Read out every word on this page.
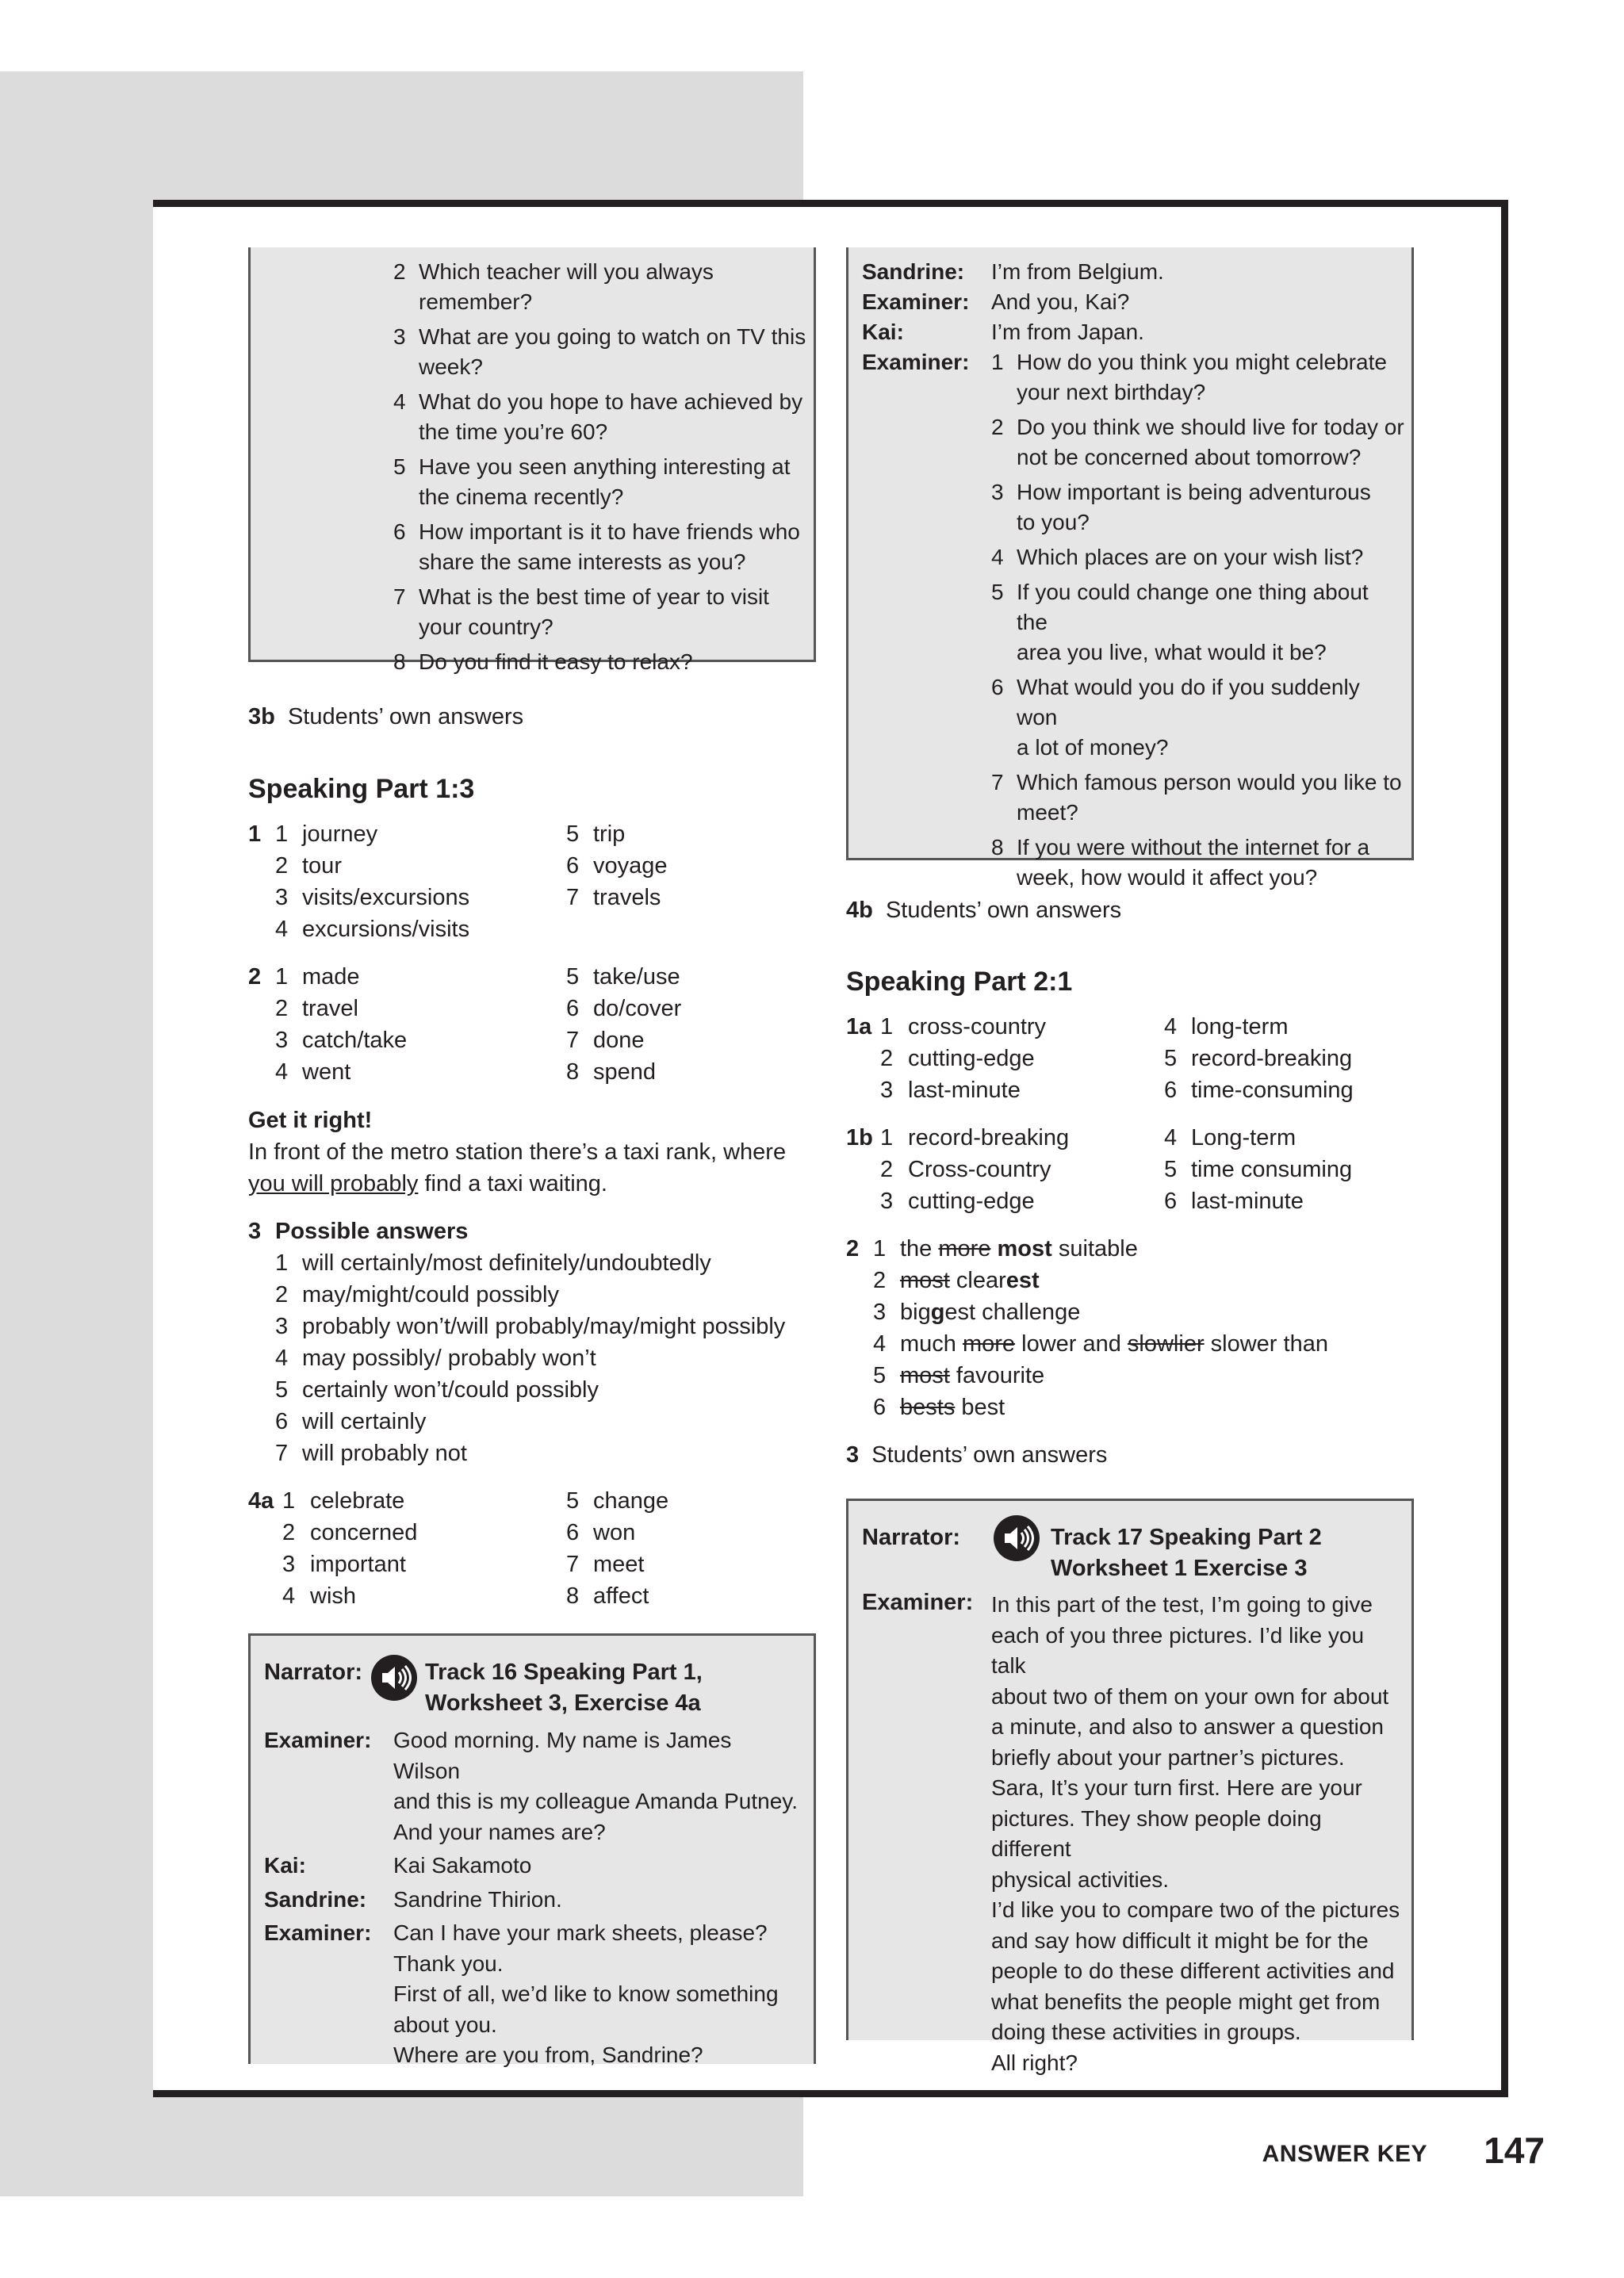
2 Which teacher will you always remember?
3 What are you going to watch on TV this week?
4 What do you hope to have achieved by the time you’re 60?
5 Have you seen anything interesting at the cinema recently?
6 How important is it to have friends who share the same interests as you?
7 What is the best time of year to visit your country?
8 Do you find it easy to relax?
3b Students’ own answers
Speaking Part 1:3
1 1 journey	5 trip
2 tour	6 voyage
3 visits/excursions	7 travels
4 excursions/visits
2 1 made	5 take/use
2 travel	6 do/cover
3 catch/take	7 done
4 went	8 spend
Get it right!
In front of the metro station there’s a taxi rank, where
you will probably find a taxi waiting.
3 Possible answers
1 will certainly/most definitely/undoubtedly
2 may/might/could possibly
3 probably won’t/will probably/may/might possibly
4 may possibly/ probably won’t
5 certainly won’t/could possibly
6 will certainly
7 will probably not
4a 1 celebrate	5 change
2 concerned	6 won
3 important	7 meet
4 wish	8 affect
Narrator:	Track 16 Speaking Part 1,
Worksheet 3, Exercise 4a
Examiner: Good morning. My name is James Wilson
and this is my colleague Amanda Putney.
And your names are?
Kai:	Kai Sakamoto
Sandrine: Sandrine Thirion.
Examiner: Can I have your mark sheets, please?
Thank you.
First of all, we’d like to know something
about you.
Where are you from, Sandrine?
Sandrine: I’m from Belgium.
Examiner: And you, Kai?
Kai:	I’m from Japan.
Examiner: 1 How do you think you might celebrate
your next birthday?
2 Do you think we should live for today or
not be concerned about tomorrow?
3 How important is being adventurous
to you?
4 Which places are on your wish list?
5 If you could change one thing about the
area you live, what would it be?
6 What would you do if you suddenly won
a lot of money?
7 Which famous person would you like to
meet?
8 If you were without the internet for a
week, how would it affect you?
4b Students’ own answers
Speaking Part 2:1
1a 1 cross-country	4 long-term
2 cutting-edge	5 record-breaking
3 last-minute	6 time-consuming
1b 1 record-breaking	4 Long-term
2 Cross-country	5 time consuming
3 cutting-edge	6 last-minute
2 1 the more most suitable
2 most clearest
3 biggest challenge
4 much more lower and slowlier slower than
5 most favourite
6 bests best
3 Students’ own answers
Narrator:	Track 17 Speaking Part 2
Worksheet 1 Exercise 3
Examiner: In this part of the test, I’m going to give
each of you three pictures. I’d like you talk
about two of them on your own for about
a minute, and also to answer a question
briefly about your partner’s pictures.
Sara, It’s your turn first. Here are your
pictures. They show people doing different
physical activities.
I’d like you to compare two of the pictures
and say how difficult it might be for the
people to do these different activities and
what benefits the people might get from
doing these activities in groups.
All right?
ANSWER KEY 147
